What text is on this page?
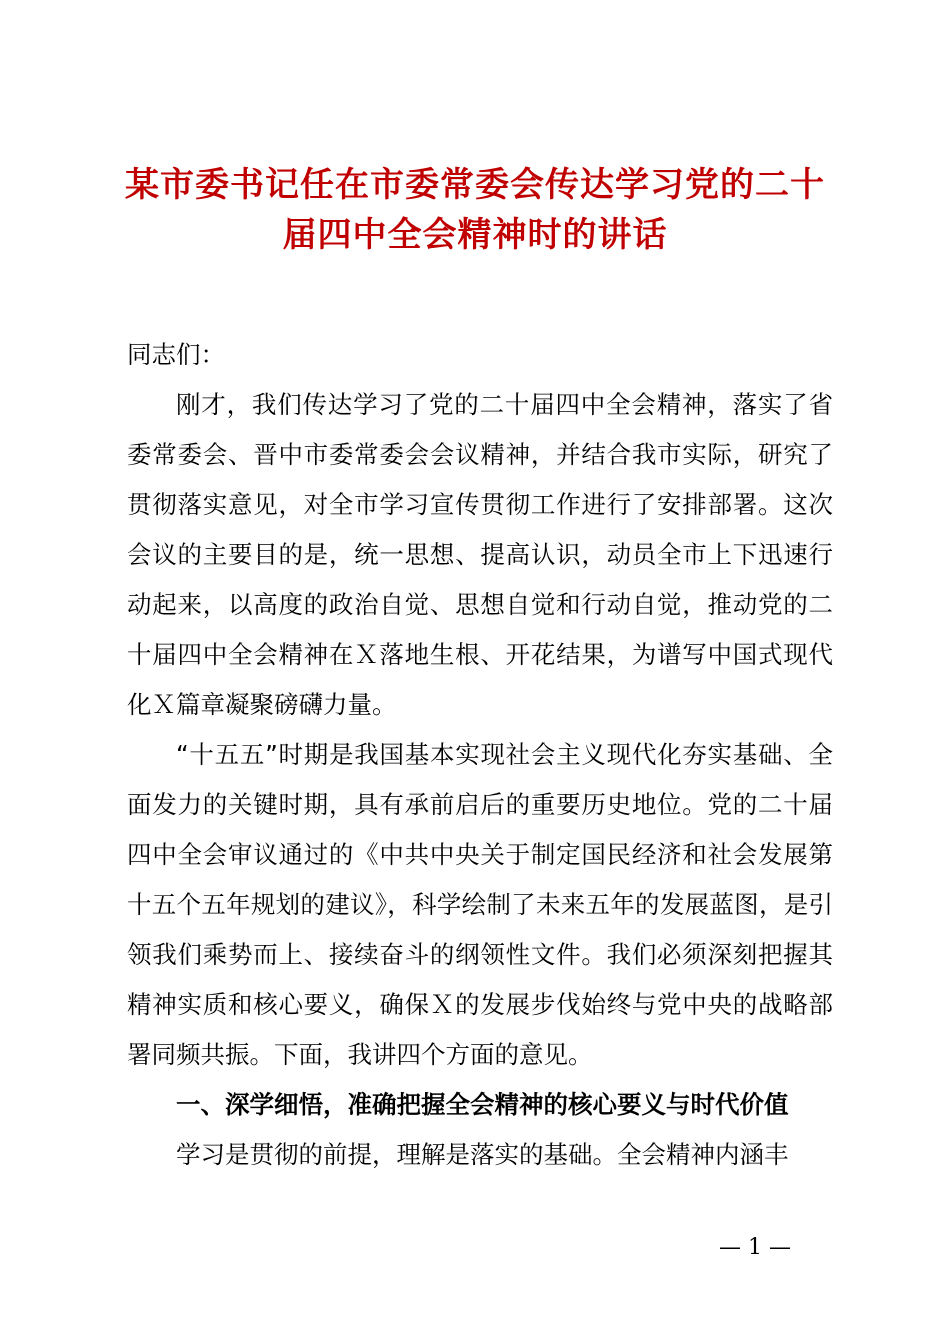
某市委书记任在市委常委会传达学习党的二十
届四中全会精神时的讲话

同志们：

刚才，我们传达学习了党的二十届四中全会精神，落实了省委常委会、晋中市委常委会会议精神，并结合我市实际，研究了贯彻落实意见，对全市学习宣传贯彻工作进行了安排部署。这次会议的主要目的是，统一思想、提高认识，动员全市上下迅速行动起来，以高度的政治自觉、思想自觉和行动自觉，推动党的二十届四中全会精神在Ｘ落地生根、开花结果，为谱写中国式现代化Ｘ篇章凝聚磅礴力量。

“十五五”时期是我国基本实现社会主义现代化夯实基础、全面发力的关键时期，具有承前启后的重要历史地位。党的二十届四中全会审议通过的《中共中央关于制定国民经济和社会发展第十五个五年规划的建议》，科学绘制了未来五年的发展蓝图，是引领我们乘势而上、接续奋斗的纲领性文件。我们必须深刻把握其精神实质和核心要义，确保Ｘ的发展步伐始终与党中央的战略部署同频共振。下面，我讲四个方面的意见。

一、深学细悟，准确把握全会精神的核心要义与时代价值

学习是贯彻的前提，理解是落实的基础。全会精神内涵丰

— 1 —
